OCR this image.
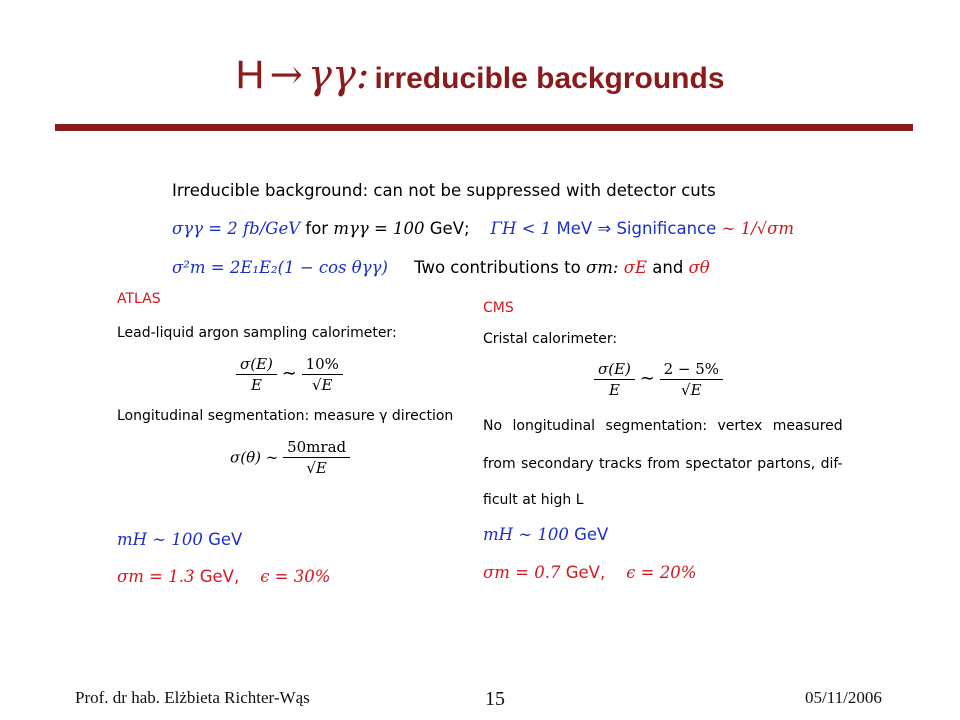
H → γγ: irreducible backgrounds
Irreducible background: can not be suppressed with detector cuts
σγγ = 2 fb/GeV for mγγ = 100 GeV; ΓH < 1 MeV ⇒ Significance ∼ 1/√σm
σ²m = 2E₁E₂(1 − cos θγγ) Two contributions to σm: σE and σθ
ATLAS
Lead-liquid argon sampling calorimeter:
$\frac{\sigma(E)}{E}$ ∼ $\frac{10\%}{√E}$
Longitudinal segmentation: measure γ direction
σ(θ) ∼ $\frac{\text{50mrad}}{√E}$
mH ∼ 100 GeV
σm = 1.3 GeV, ϵ = 30%
CMS
Cristal calorimeter:
$\frac{\sigma(E)}{E}$ ∼ $\frac{2 - 5\%}{√E}$
No longitudinal segmentation: vertex measured
from secondary tracks from spectator partons, dif-
ficult at high L
mH ∼ 100 GeV
σm = 0.7 GeV, ϵ = 20%
Prof. dr hab. Elżbieta Richter-Wąs	15	05/11/2006
